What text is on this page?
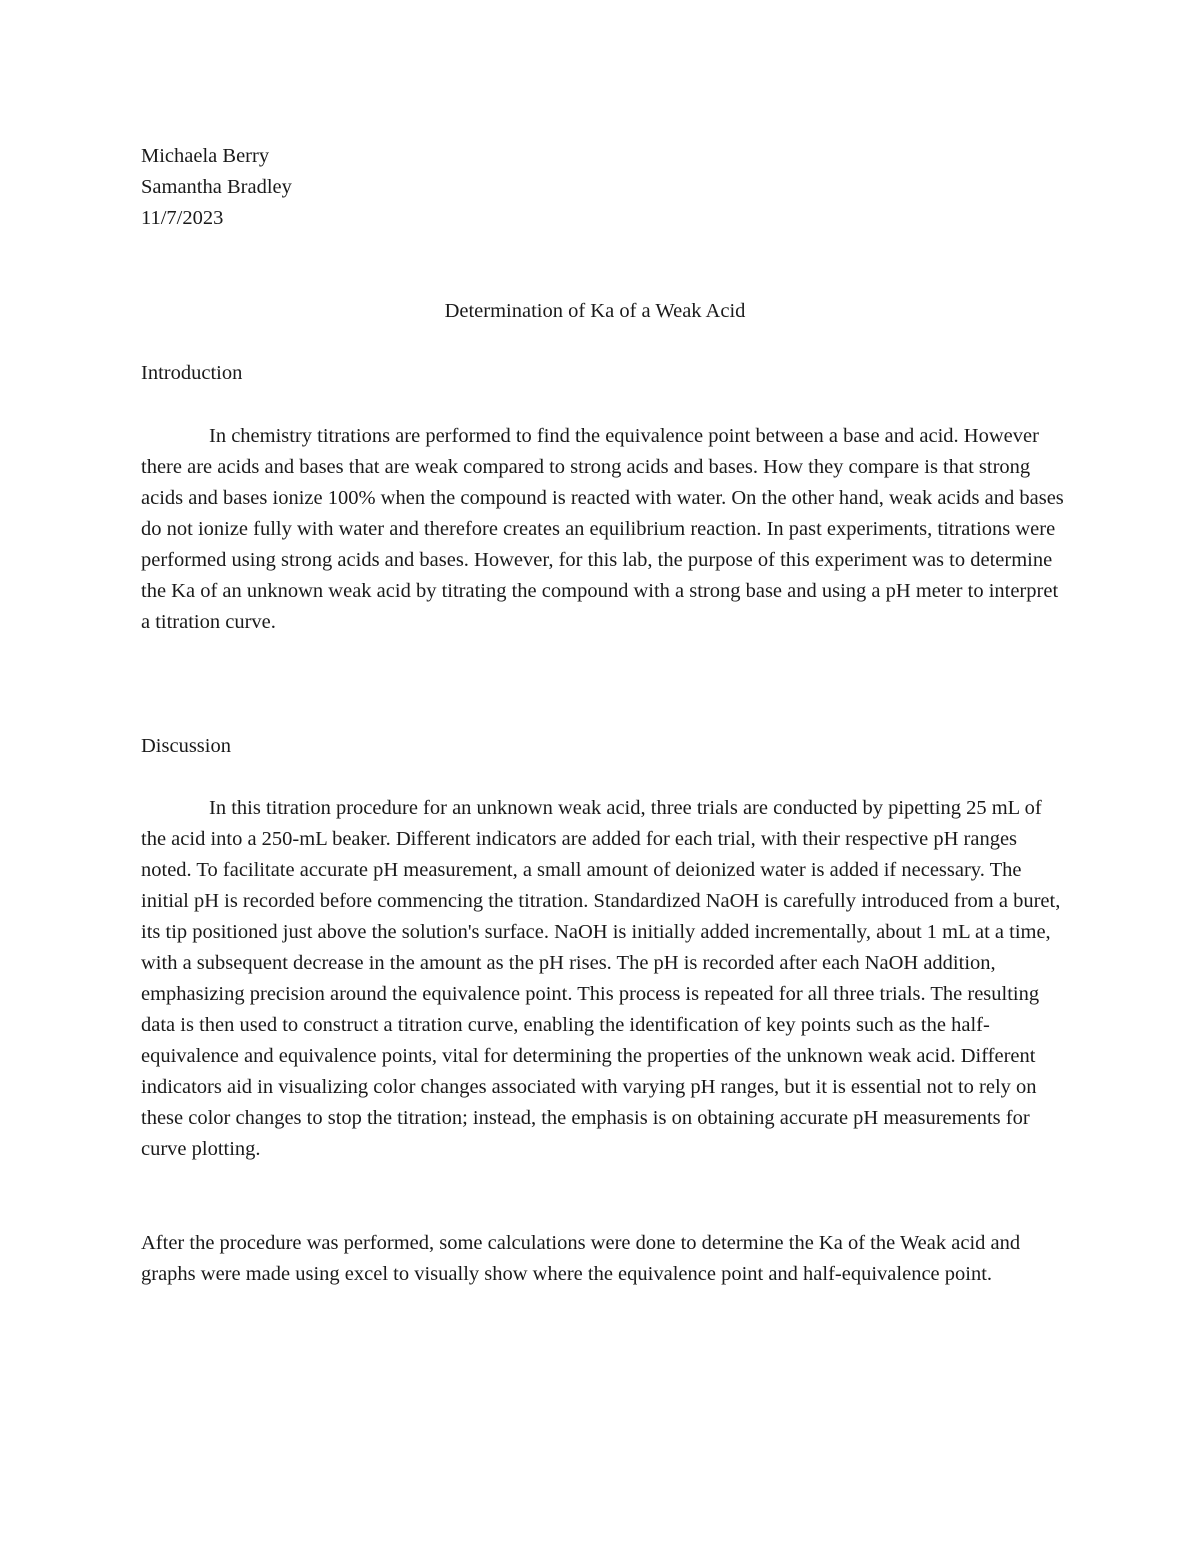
Michaela Berry

Samantha Bradley

11/7/2023

Determination of Ka of a Weak Acid
Introduction

In chemistry titrations are performed to find the equivalence point between a base and acid. However there are acids and bases that are weak compared to strong acids and bases. How they compare is that strong acids and bases ionize 100% when the compound is reacted with water. On the other hand, weak acids and bases do not ionize fully with water and therefore creates an equilibrium reaction. In past experiments, titrations were performed using strong acids and bases. However, for this lab, the purpose of this experiment was to determine the Ka of an unknown weak acid by titrating the compound with a strong base and using a pH meter to interpret a titration curve.

Discussion

In this titration procedure for an unknown weak acid, three trials are conducted by pipetting 25 mL of the acid into a 250-mL beaker. Different indicators are added for each trial, with their respective pH ranges noted. To facilitate accurate pH measurement, a small amount of deionized water is added if necessary. The initial pH is recorded before commencing the titration. Standardized NaOH is carefully introduced from a buret, its tip positioned just above the solution's surface. NaOH is initially added incrementally, about 1 mL at a time, with a subsequent decrease in the amount as the pH rises. The pH is recorded after each NaOH addition, emphasizing precision around the equivalence point. This process is repeated for all three trials. The resulting data is then used to construct a titration curve, enabling the identification of key points such as the half-equivalence and equivalence points, vital for determining the properties of the unknown weak acid. Different indicators aid in visualizing color changes associated with varying pH ranges, but it is essential not to rely on these color changes to stop the titration; instead, the emphasis is on obtaining accurate pH measurements for curve plotting.

After the procedure was performed, some calculations were done to determine the Ka of the Weak acid and graphs were made using excel to visually show where the equivalence point and half-equivalence point.
